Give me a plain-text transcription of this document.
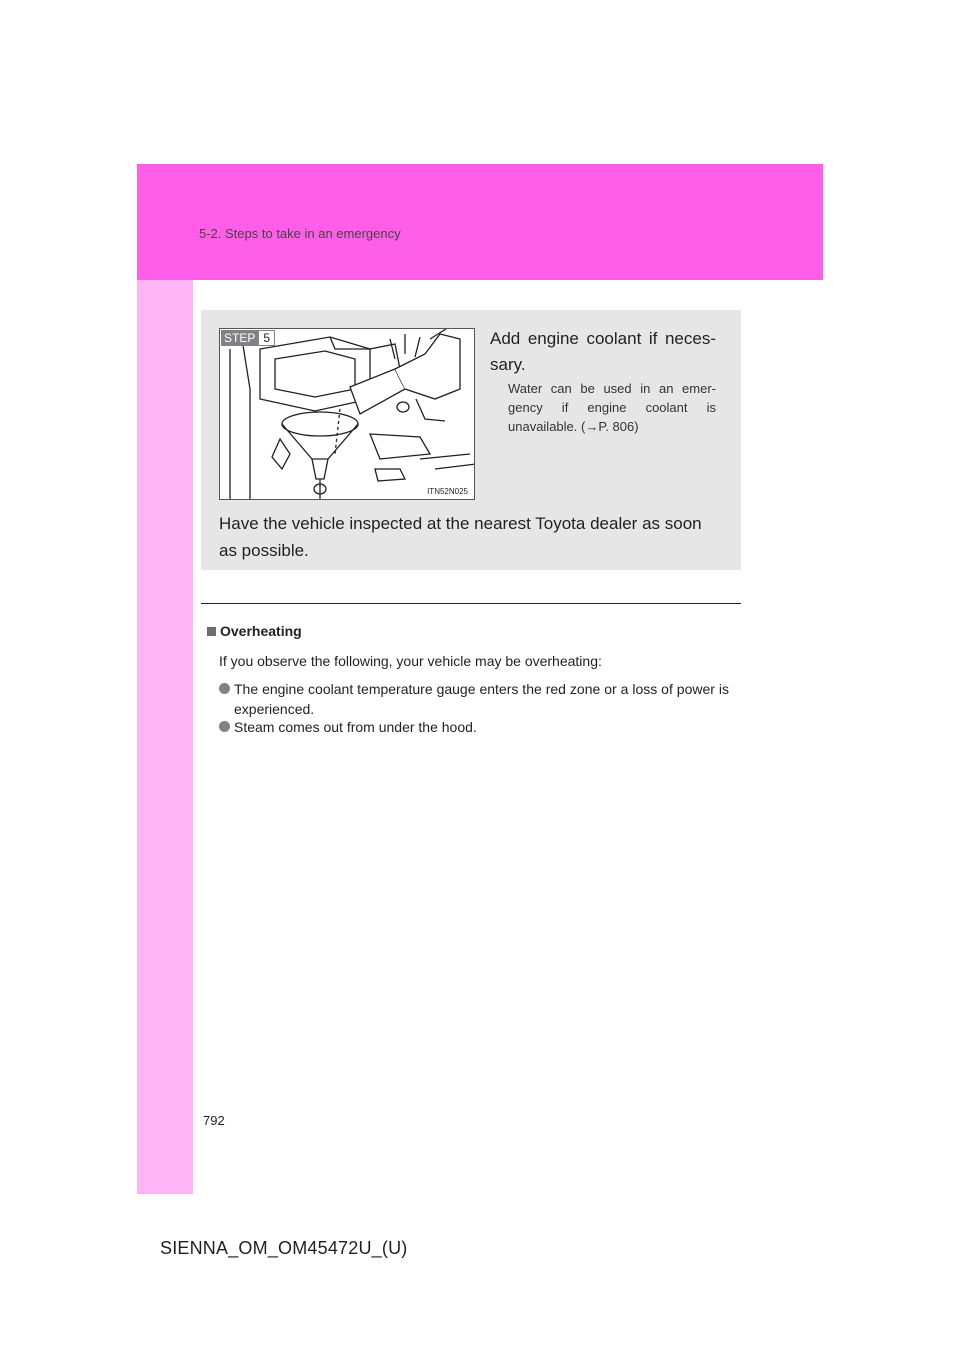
5-2. Steps to take in an emergency
STEP 5
ITN52N025
Add engine coolant if neces-sary.
Water can be used in an emer-gency if engine coolant is unavailable. (→P. 806)
Have the vehicle inspected at the nearest Toyota dealer as soon as possible.
Overheating
If you observe the following, your vehicle may be overheating:
The engine coolant temperature gauge enters the red zone or a loss of power is experienced.
Steam comes out from under the hood.
792
SIENNA_OM_OM45472U_(U)
